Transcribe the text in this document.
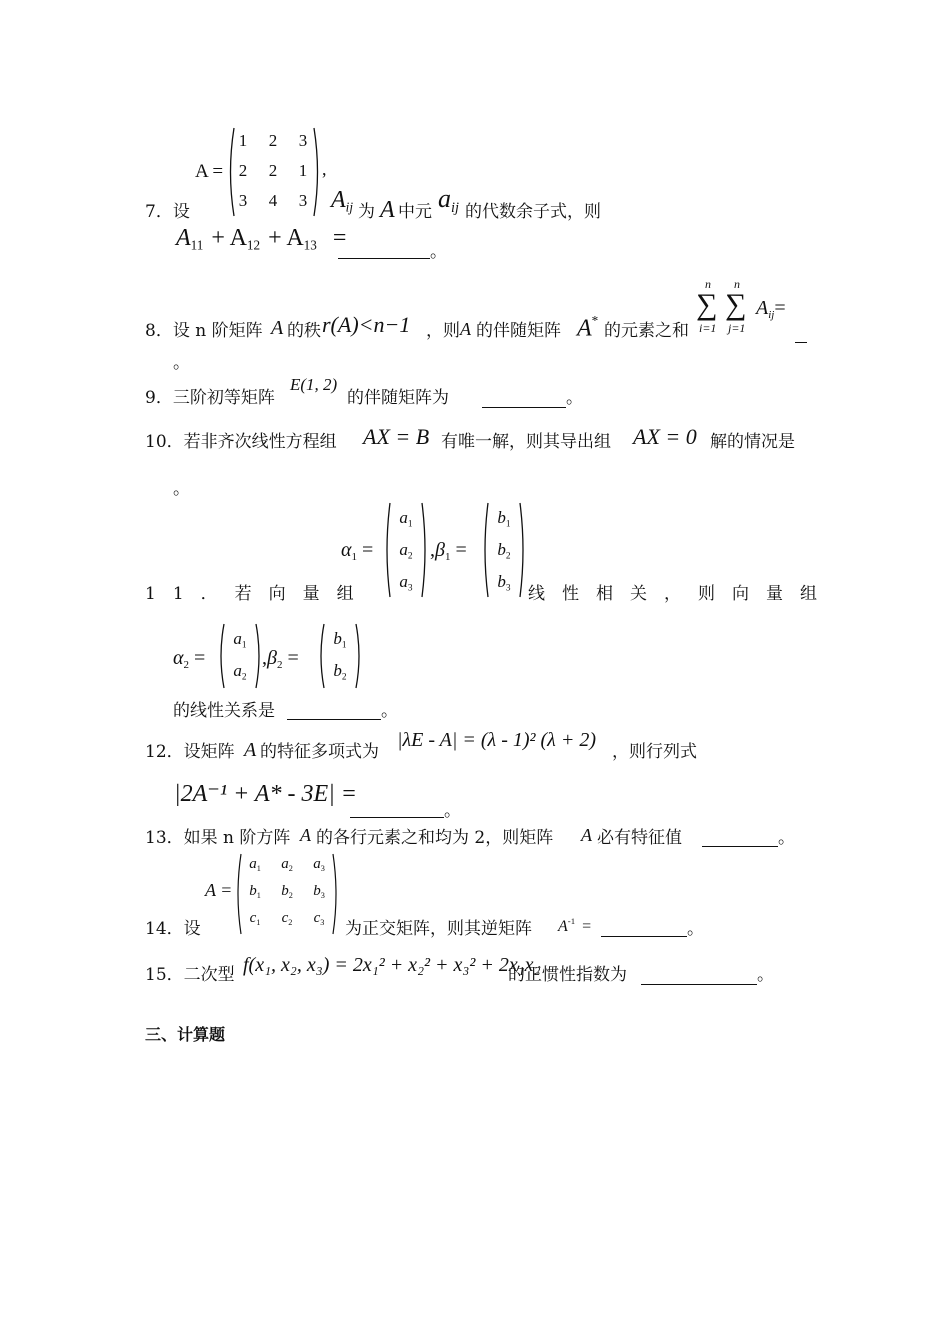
A =
1	2	3
2	2	1
3	4	3
,
7．设	Aij 为 A 中元 aij 的代数余子式，则
$A_{11} + A_{12} + A_{13}$ =
。
8．设 n 阶矩阵 A 的秩 r(A)<n−1 ，则 A 的伴随矩阵 A*
的元素之和
∑
n
i=1
∑
n
j=1
Aij=
。
9．三阶初等矩阵
E(1, 2)
的伴随矩阵为	。
10．若非齐次线性方程组 AX = B 有唯一解，则其导出组 AX = 0 解的情况是
。
$\alpha_1$ =
$a_1$
$a_2$
$a_3$
$,\beta_1$ =
$b_1$
$b_2$
$b_3$
11．若向量组	线性相关，则向量组
$\alpha_2$ =
$a_1$
$a_2$
$,\beta_2$ =
$b_1$
$b_2$
的线性关系是	。
12．设矩阵 A 的特征多项式为
|λE - A| = (λ - 1)² (λ + 2)
，则行列式
|2A⁻¹ + A* - 3E| =
。
13．如果 n 阶方阵 A 的各行元素之和均为 2，则矩阵 A 必有特征值	。
A =
$a_1$	$a_2$	$a_3$
$b_1$	$b_2$	$b_3$
$c_1$	$c_2$	$c_3$
14．设	为正交矩阵，则其逆矩阵 $A^{-1}$ =	。
15．二次型 f(x₁, x₂, x₃) = 2x₁² + x₂² + x₃² + 2x₁x₂
的正惯性指数为	。
三、计算题
